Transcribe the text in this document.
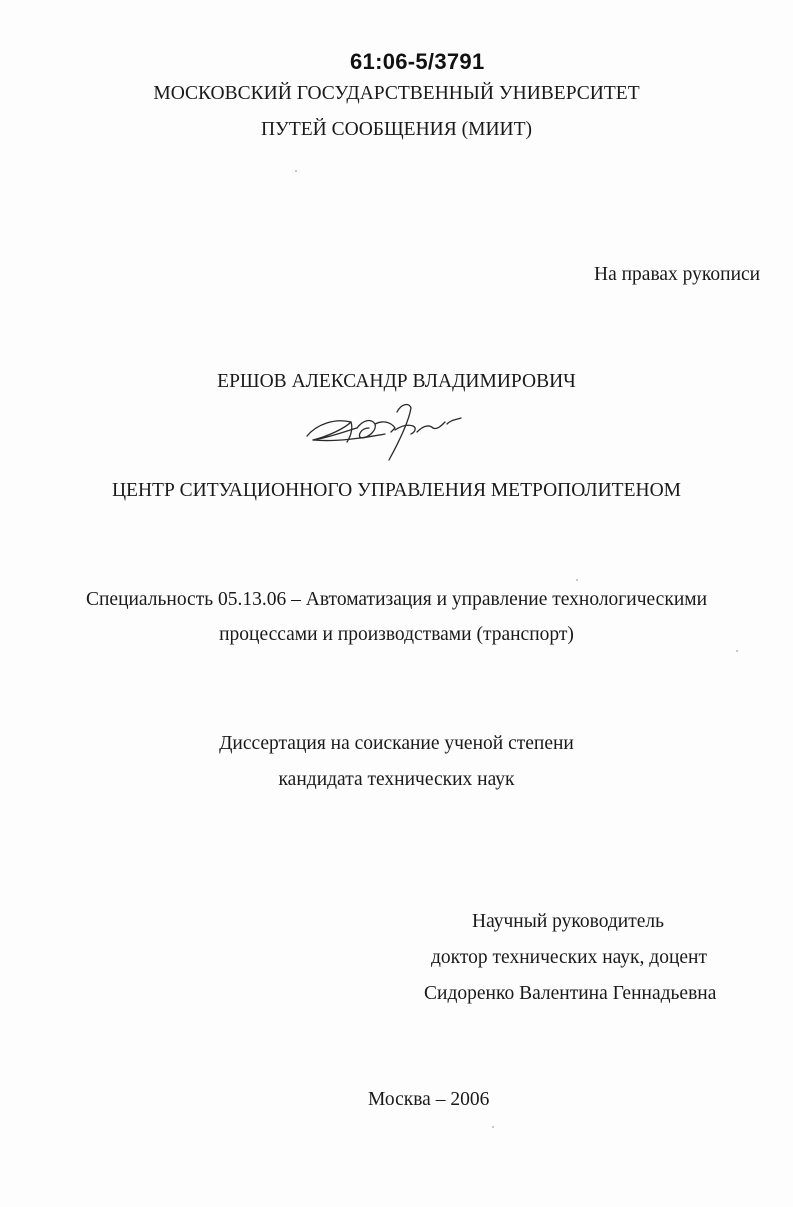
61:06-5/3791
МОСКОВСКИЙ ГОСУДАРСТВЕННЫЙ УНИВЕРСИТЕТ
ПУТЕЙ СООБЩЕНИЯ (МИИТ)
На правах рукописи
ЕРШОВ АЛЕКСАНДР ВЛАДИМИРОВИЧ
ЦЕНТР СИТУАЦИОННОГО УПРАВЛЕНИЯ МЕТРОПОЛИТЕНОМ
Специальность 05.13.06 – Автоматизация и управление технологическими
процессами и производствами (транспорт)
Диссертация на соискание ученой степени
кандидата технических наук
Научный руководитель
доктор технических наук, доцент
Сидоренко Валентина Геннадьевна
Москва – 2006
